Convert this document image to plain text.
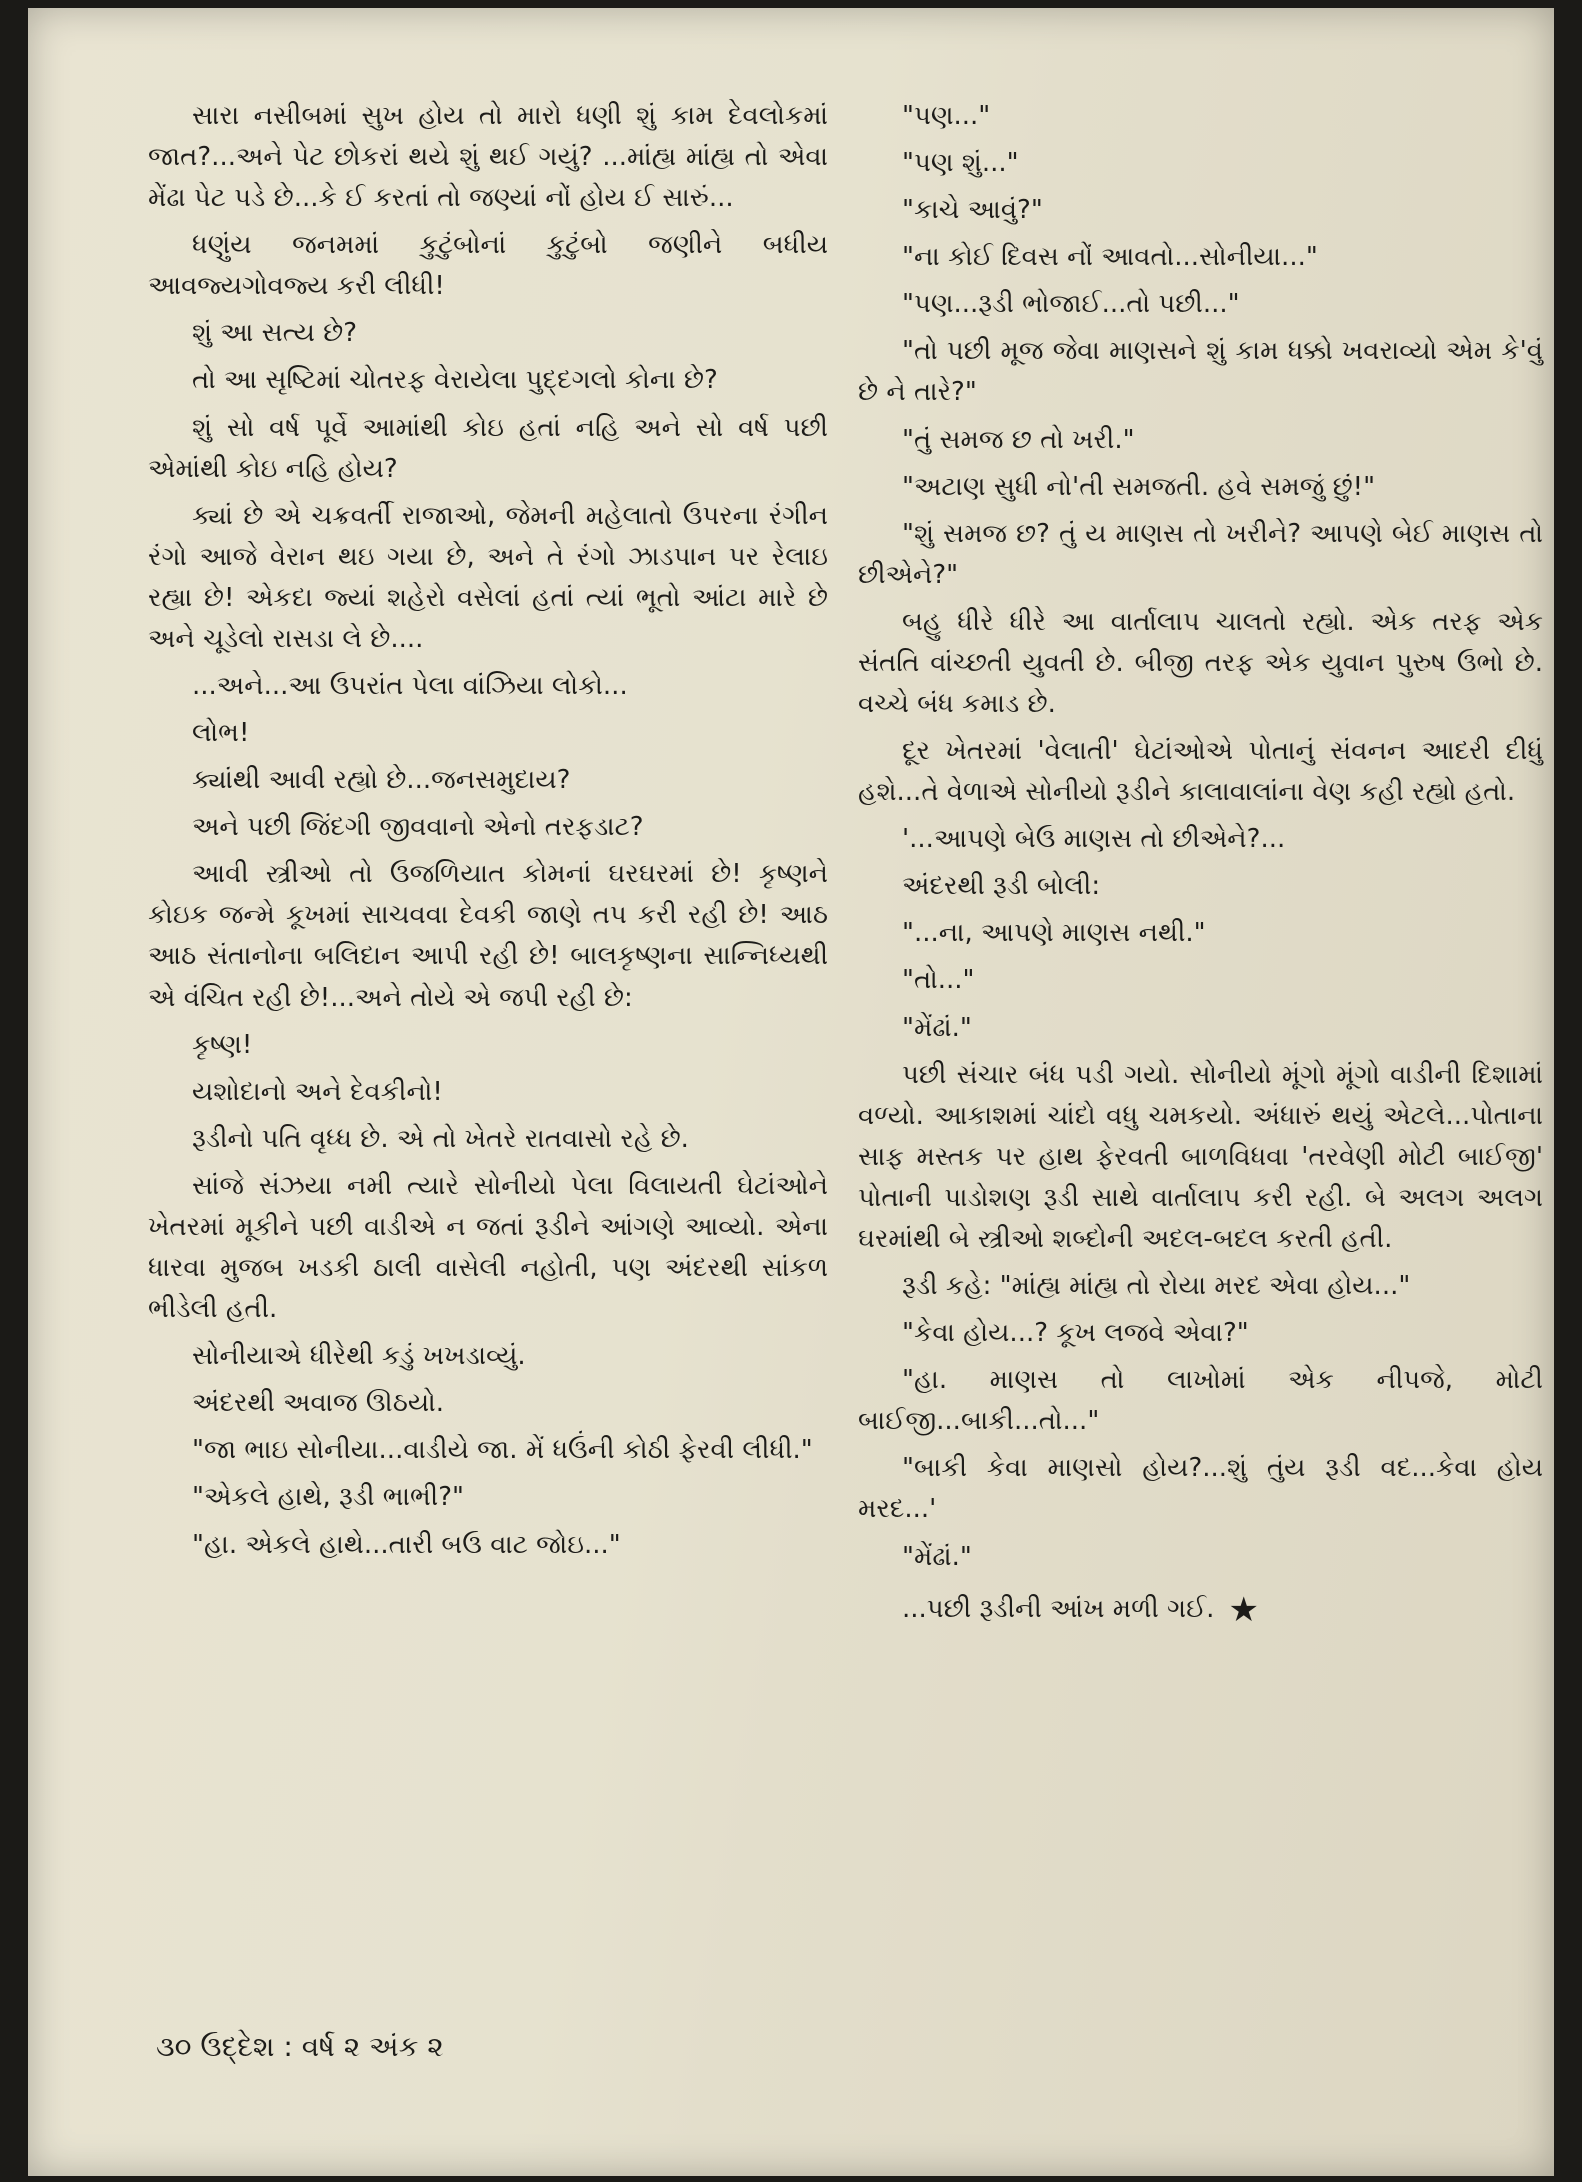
સારા નસીબમાં સુખ હોય તો મારો ધણી શું કામ દેવલોકમાં જાત?...અને પેટ છોકરાં થયે શું થઈ ગયું? ...માંહ્ય માંહ્ય તો એવા મેંઢા પેટ પડે છે...કે ઈ કરતાં તો જણ્યાં નોં હોય ઈ સારું...

ધણુંય જનમમાં કુટુંબોનાં કુટુંબો જણીને બધીય આવજ્યગોવજ્ય કરી લીધી!

શું આ સત્ય છે?

તો આ સૃષ્ટિમાં ચોતરફ વેરાયેલા પુદ્દગલો કોના છે?

શું સો વર્ષ પૂર્વે આમાંથી કોઇ હતાં નહિ અને સો વર્ષ પછી એમાંથી કોઇ નહિ હોય?

ક્યાં છે એ ચક્રવર્તી રાજાઓ, જેમની મહેલાતો ઉપરના રંગીન રંગો આજે વેરાન થઇ ગયા છે, અને તે રંગો ઝાડપાન પર રેલાઇ રહ્યા છે! એકદા જ્યાં શહેરો વસેલાં હતાં ત્યાં ભૂતો આંટા મારે છે અને ચૂડેલો રાસડા લે છે....

...અને...આ ઉપરાંત પેલા વાંઝિયા લોકો...

લોભ!

ક્યાંથી આવી રહ્યો છે...જનસમુદાય?

અને પછી જિંદગી જીવવાનો એનો તરફડાટ?

આવી સ્ત્રીઓ તો ઉજળિયાત કોમનાં ઘરઘરમાં છે! કૃષ્ણને કોઇક જન્મે કૂખમાં સાચવવા દેવકી જાણે તપ કરી રહી છે! આઠ આઠ સંતાનોના બલિદાન આપી રહી છે! બાલકૃષ્ણના સાન્નિધ્યથી એ વંચિત રહી છે!...અને તોયે એ જપી રહી છે:

કૃષ્ણ!

યશોદાનો અને દેવકીનો!

રૂડીનો પતિ વૃધ્ધ છે. એ તો ખેતરે રાતવાસો રહે છે.

સાંજે સંઝયા નમી ત્યારે સોનીયો પેલા વિલાયતી ઘેટાંઓને ખેતરમાં મૂકીને પછી વાડીએ ન જતાં રૂડીને આંગણે આવ્યો. એના ધારવા મુજબ ખડકી ઠાલી વાસેલી નહોતી, પણ અંદરથી સાંકળ ભીડેલી હતી.

સોનીયાએ ધીરેથી કડું ખખડાવ્યું.

અંદરથી અવાજ ઊઠયો.

"જા ભાઇ સોનીયા...વાડીયે જા. મેં ધઉંની કોઠી ફેરવી લીધી."

"એકલે હાથે, રૂડી ભાભી?"

"હા. એકલે હાથે...તારી બઉ વાટ જોઇ..."

"પણ..."

"પણ શું..."

"કાચે આવું?"

"ના કોઈ દિવસ નોં આવતો...સોનીયા..."

"પણ...રૂડી ભોજાઈ...તો પછી..."

"તો પછી મૂજ જેવા માણસને શું કામ ધક્કો ખવરાવ્યો એમ કે'વું છે ને તારે?"

"તું સમજ છ તો ખરી."

"અટાણ સુધી નો'તી સમજતી. હવે સમજું છું!"

"શું સમજ છ? તું ય માણસ તો ખરીને? આપણે બેઈ માણસ તો છીએને?"

બહુ ધીરે ધીરે આ વાર્તાલાપ ચાલતો રહ્યો. એક તરફ એક સંતતિ વાંચ્છતી યુવતી છે. બીજી તરફ એક યુવાન પુરુષ ઉભો છે. વચ્ચે બંધ કમાડ છે.

દૂર ખેતરમાં 'વેલાતી' ઘેટાંઓએ પોતાનું સંવનન આદરી દીધું હશે...તે વેળાએ સોનીયો રૂડીને કાલાવાલાંના વેણ કહી રહ્યો હતો.

'...આપણે બેઉ માણસ તો છીએને?...

અંદરથી રૂડી બોલી:

"...ના, આપણે માણસ નથી."

"તો..."

"મેંઢાં."

પછી સંચાર બંધ પડી ગયો. સોનીયો મૂંગો મૂંગો વાડીની દિશામાં વળ્યો. આકાશમાં ચાંદો વધુ ચમકયો. અંધારું થયું એટલે...પોતાના સાફ મસ્તક પર હાથ ફેરવતી બાળવિધવા 'તરવેણી મોટી બાઈજી' પોતાની પાડોશણ રૂડી સાથે વાર્તાલાપ કરી રહી. બે અલગ અલગ ઘરમાંથી બે સ્ત્રીઓ શબ્દોની અદલ-બદલ કરતી હતી.

રૂડી કહે: "માંહ્ય માંહ્ય તો રોયા મરદ એવા હોય..."

"કેવા હોય...? કૂખ લજવે એવા?"

"હા. માણસ તો લાખોમાં એક નીપજે, મોટી બાઈજી...બાકી...તો..."

"બાકી કેવા માણસો હોય?...શું તુંય રૂડી વદ...કેવા હોય મરદ...'

"મેંઢાં."

...પછી રૂડીની આંખ મળી ગઈ. ★

૩૦ ઉદ્દેશ : વર્ષ ૨ અંક ૨
